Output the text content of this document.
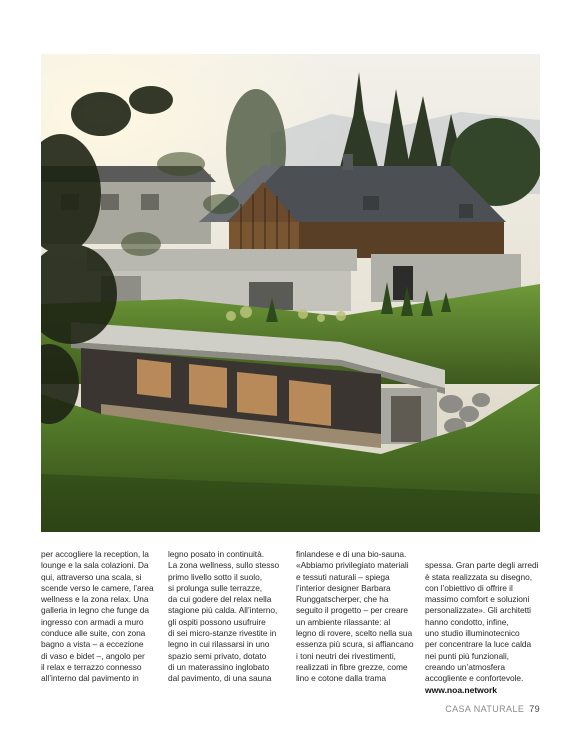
per accogliere la reception, la
lounge e la sala colazioni. Da
qui, attraverso una scala, si
scende verso le camere, l’area
wellness e la zona relax. Una
galleria in legno che funge da
ingresso con armadi a muro
conduce alle suite, con zona
bagno a vista – a eccezione
di vaso e bidet –, angolo per
il relax e terrazzo connesso
all’interno dal pavimento in
legno posato in continuità.
La zona wellness, sullo stesso
primo livello sotto il suolo,
si prolunga sulle terrazze,
da cui godere del relax nella
stagione più calda. All’interno,
gli ospiti possono usufruire
di sei micro-stanze rivestite in
legno in cui rilassarsi in uno
spazio semi privato, dotato
di un materassino inglobato
dal pavimento, di una sauna
finlandese e di una bio-sauna.
«Abbiamo privilegiato materiali
e tessuti naturali – spiega
l’interior designer Barbara
Runggatscherper, che ha
seguito il progetto – per creare
un ambiente rilassante: al
legno di rovere, scelto nella sua
essenza più scura, si affiancano
i toni neutri dei rivestimenti,
realizzati in fibre grezze, come
lino e cotone dalla trama

spessa. Gran parte degli arredi
è stata realizzata su disegno,
con l’obiettivo di offrire il
massimo comfort e soluzioni
personalizzate». Gli architetti
hanno condotto, infine,
uno studio illuminotecnico
per concentrare la luce calda
nei punti più funzionali,
creando un’atmosfera
accogliente e confortevole.

www.noa.network

CASA NATURALE 79
